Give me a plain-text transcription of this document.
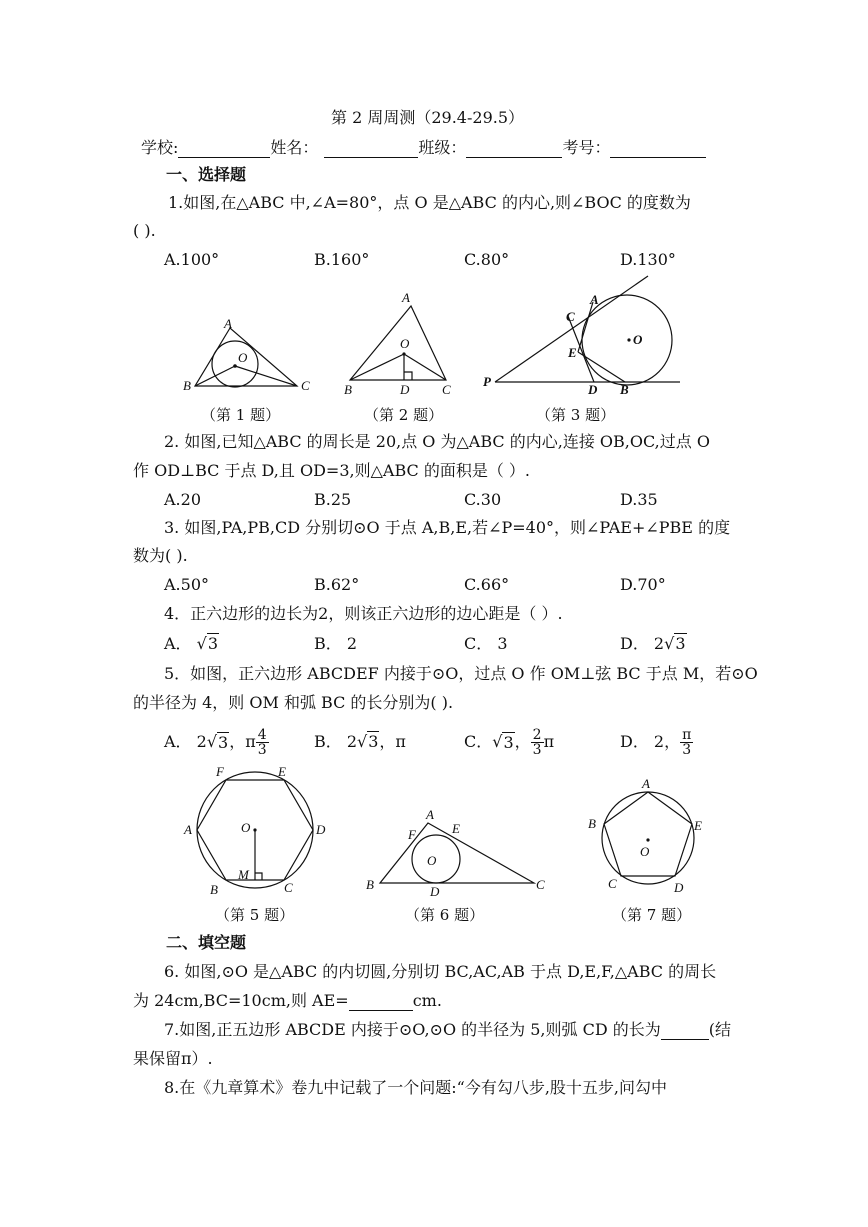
第 2 周周测（29.4-29.5）
学校:	姓名：	班级：	考号：
一、选择题
1.如图,在△ABC 中,∠A=80°，点 O 是△ABC 的内心,则∠BOC 的度数为
( ).
A.100°	B.160°	C.80°	D.130°
A
O
B	C
（第 1 题）
A
O
B	D	C
（第 2 题）
A
C
O
E
P
D B
（第 3 题）
2. 如图,已知△ABC 的周长是 20,点 O 为△ABC 的内心,连接 OB,OC,过点 O
作 OD⊥BC 于点 D,且 OD=3,则△ABC 的面积是（ ）.
A.20	B.25	C.30	D.35
3. 如图,PA,PB,CD 分别切⊙O 于点 A,B,E,若∠P=40°，则∠PAE+∠PBE 的度
数为( ).
A.50°	B.62°	C.66°	D.70°
4．正六边形的边长为2，则该正六边形的边心距是（ ）.
A． √3	B． 2	C． 3	D． 2√3
5．如图，正六边形 ABCDEF 内接于⊙O，过点 O 作 OM⊥弦 BC 于点 M，若⊙O
的半径为 4，则 OM 和弧 BC 的长分别为( ).
A． 2 √ 3 ，π $\frac{4}{3}$	B． 2√3，π	C． √ 3 ， $\frac{2}{3}$ π	D． 2， $\frac{\pi}{3}$
F	E
A	O	D
M
B	C
（第 5 题）
A
F	E
O
B	D	C
（第 6 题）
A
B	E
O
C	D
（第 7 题）
二、填空题
6. 如图,⊙O 是△ABC 的内切圆,分别切 BC,AC,AB 于点 D,E,F,△ABC 的周长
为 24cm,BC=10cm,则 AE=	cm.
7.如图,正五边形 ABCDE 内接于⊙O,⊙O 的半径为 5,则弧 CD 的长为	(结
果保留π）.
8.在《九章算术》卷九中记载了一个问题:“今有勾八步,股十五步,问勾中
